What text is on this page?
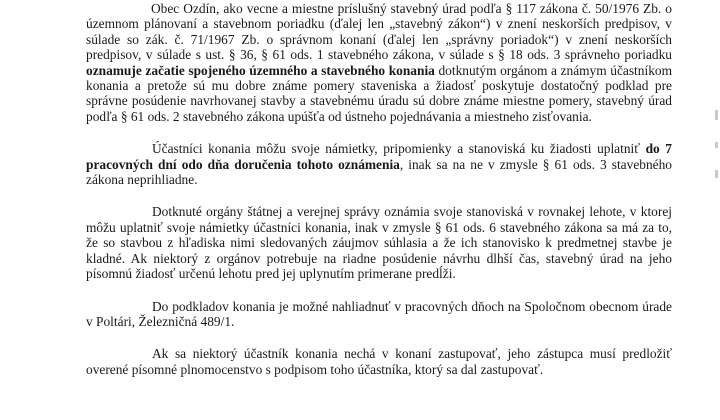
Obec Ozdín, ako vecne a miestne príslušný stavebný úrad podľa § 117 zákona č. 50/1976 Zb. o územnom plánovaní a stavebnom poriadku (ďalej len „stavebný zákon“) v znení neskorších predpisov, v súlade so zák. č. 71/1967 Zb. o správnom konaní (ďalej len „správny poriadok“) v znení neskorších predpisov, v súlade s ust. § 36, § 61 ods. 1 stavebného zákona, v súlade s § 18 ods. 3 správneho poriadku oznamuje začatie spojeného územného a stavebného konania dotknutým orgánom a známym účastníkom konania a pretože sú mu dobre známe pomery staveniska a žiadosť poskytuje dostatočný podklad pre správne posúdenie navrhovanej stavby a stavebnému úradu sú dobre známe miestne pomery, stavebný úrad podľa § 61 ods. 2 stavebného zákona upúšťa od ústneho pojednávania a miestneho zisťovania.

Účastníci konania môžu svoje námietky, pripomienky a stanoviská ku žiadosti uplatniť do 7 pracovných dní odo dňa doručenia tohoto oznámenia, inak sa na ne v zmysle § 61 ods. 3 stavebného zákona neprihliadne.

Dotknuté orgány štátnej a verejnej správy oznámia svoje stanoviská v rovnakej lehote, v ktorej môžu uplatniť svoje námietky účastníci konania, inak v zmysle § 61 ods. 6 stavebného zákona sa má za to, že so stavbou z hľadiska nimi sledovaných záujmov súhlasia a že ich stanovisko k predmetnej stavbe je kladné. Ak niektorý z orgánov potrebuje na riadne posúdenie návrhu dlhší čas, stavebný úrad na jeho písomnú žiadosť určenú lehotu pred jej uplynutím primerane predĺži.

Do podkladov konania je možné nahliadnuť v pracovných dňoch na Spoločnom obecnom úrade v Poltári, Železničná 489/1.

Ak sa niektorý účastník konania nechá v konaní zastupovať, jeho zástupca musí predložiť overené písomné plnomocenstvo s podpisom toho účastníka, ktorý sa dal zastupovať.
